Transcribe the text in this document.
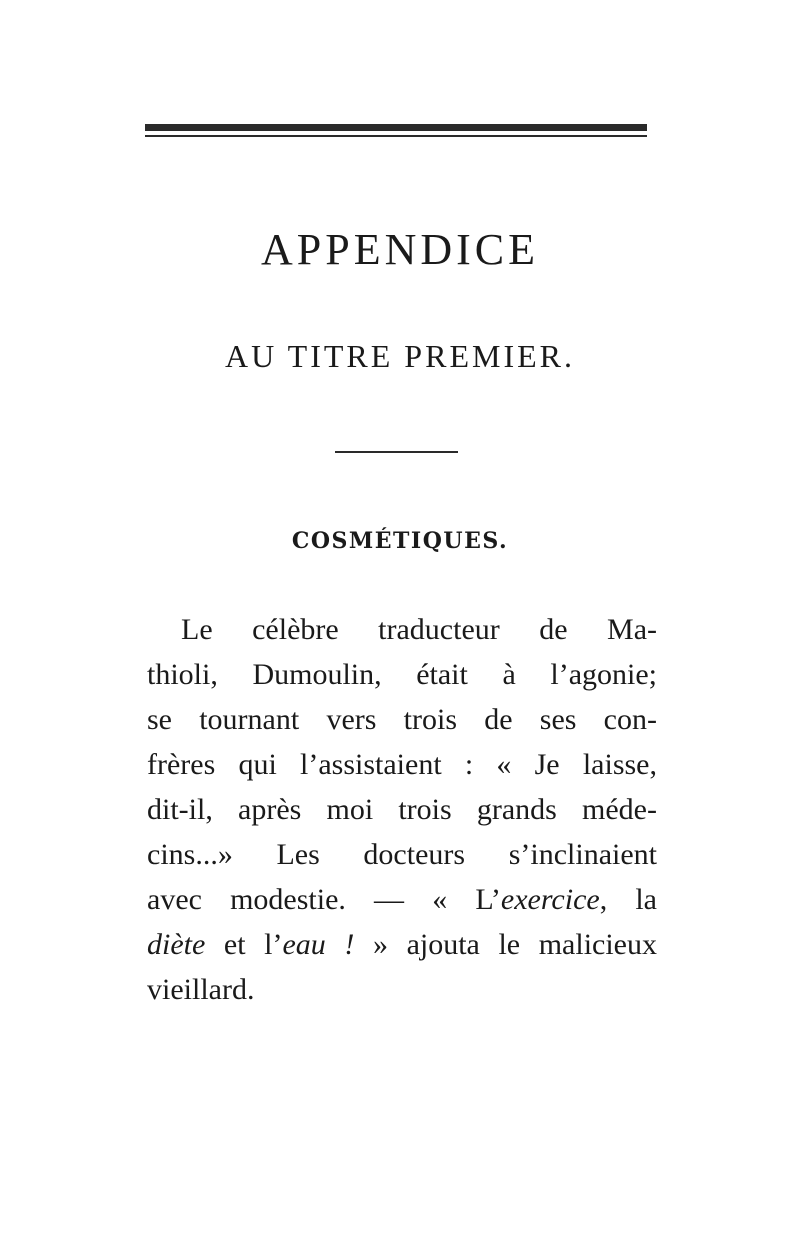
APPENDICE
AU TITRE PREMIER.
COSMÉTIQUES.
Le célèbre traducteur de Ma-
thioli, Dumoulin, était à l’agonie;
se tournant vers trois de ses con-
frères qui l’assistaient : « Je laisse,
dit-il, après moi trois grands méde-
cins...» Les docteurs s’inclinaient
avec modestie. — « L’exercice, la
diète et l’eau ! » ajouta le malicieux
vieillard.
